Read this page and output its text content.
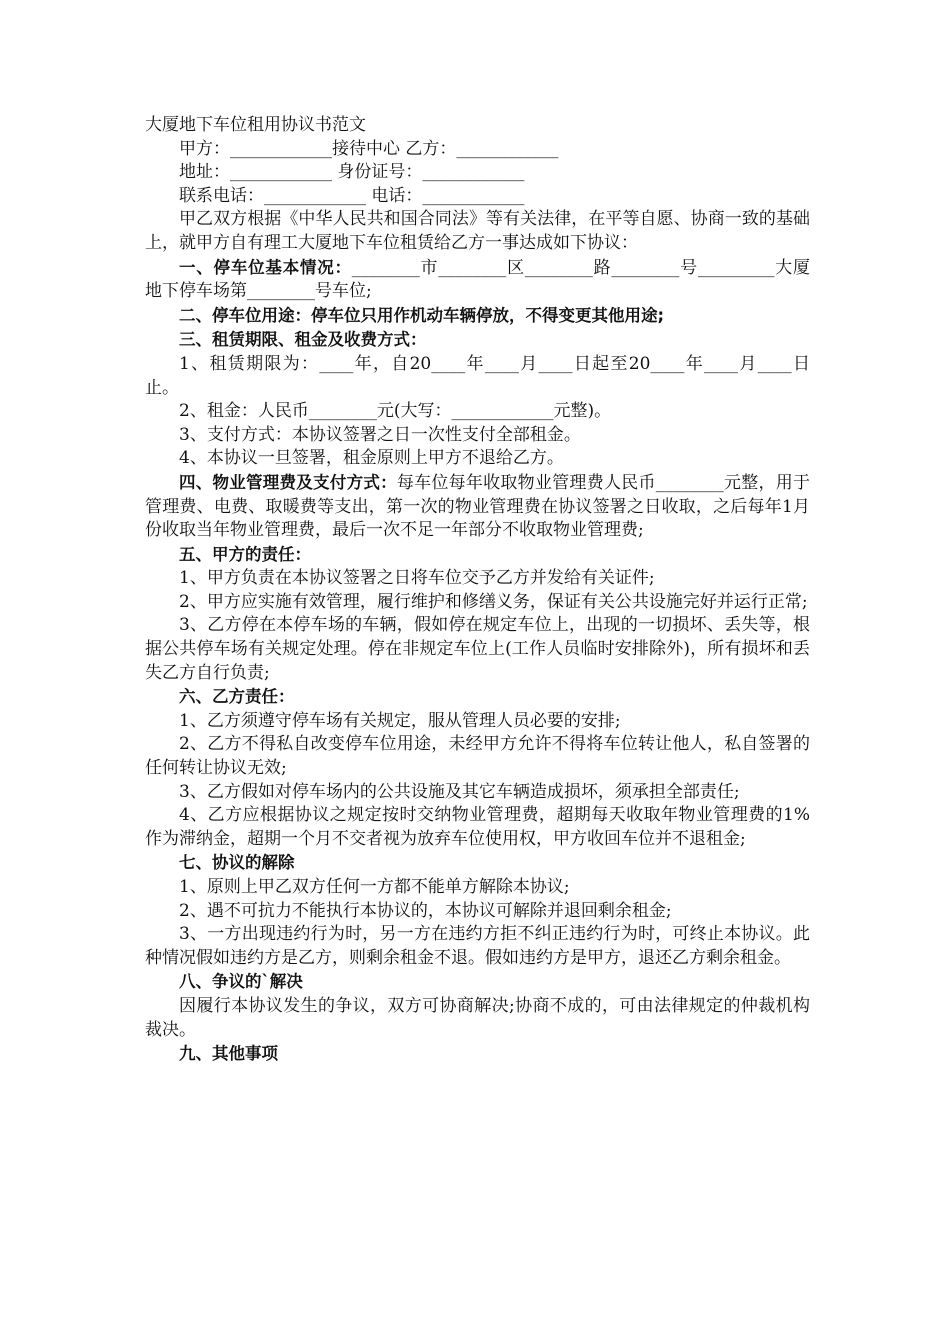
大厦地下车位租用协议书范文

甲方：____________接待中心 乙方：____________

地址：____________ 身份证号：____________

联系电话：____________ 电话：____________

甲乙双方根据《中华人民共和国合同法》等有关法律，在平等自愿、协商一致的基础上，就甲方自有理工大厦地下车位租赁给乙方一事达成如下协议：

一、停车位基本情况：________市________区________路________号_________大厦地下停车场第________号车位;

二、停车位用途：停车位只用作机动车辆停放，不得变更其他用途;

三、租赁期限、租金及收费方式：

1、租赁期限为：____年，自20____年____月____日起至20____年____月____日止。

2、租金：人民币________元(大写：____________元整)。

3、支付方式：本协议签署之日一次性支付全部租金。

4、本协议一旦签署，租金原则上甲方不退给乙方。

四、物业管理费及支付方式：每车位每年收取物业管理费人民币________元整，用于管理费、电费、取暖费等支出，第一次的物业管理费在协议签署之日收取，之后每年1月份收取当年物业管理费，最后一次不足一年部分不收取物业管理费;

五、甲方的责任：

1、甲方负责在本协议签署之日将车位交予乙方并发给有关证件;

2、甲方应实施有效管理，履行维护和修缮义务，保证有关公共设施完好并运行正常;

3、乙方停在本停车场的车辆，假如停在规定车位上，出现的一切损坏、丢失等，根据公共停车场有关规定处理。停在非规定车位上(工作人员临时安排除外)，所有损坏和丢失乙方自行负责;

六、乙方责任：

1、乙方须遵守停车场有关规定，服从管理人员必要的安排;

2、乙方不得私自改变停车位用途，未经甲方允许不得将车位转让他人，私自签署的任何转让协议无效;

3、乙方假如对停车场内的公共设施及其它车辆造成损坏，须承担全部责任;

4、乙方应根据协议之规定按时交纳物业管理费，超期每天收取年物业管理费的1%作为滞纳金，超期一个月不交者视为放弃车位使用权，甲方收回车位并不退租金;

七、协议的解除

1、原则上甲乙双方任何一方都不能单方解除本协议;

2、遇不可抗力不能执行本协议的，本协议可解除并退回剩余租金;

3、一方出现违约行为时，另一方在违约方拒不纠正违约行为时，可终止本协议。此种情况假如违约方是乙方，则剩余租金不退。假如违约方是甲方，退还乙方剩余租金。

八、争议的`解决

因履行本协议发生的争议，双方可协商解决;协商不成的，可由法律规定的仲裁机构裁决。

九、其他事项
